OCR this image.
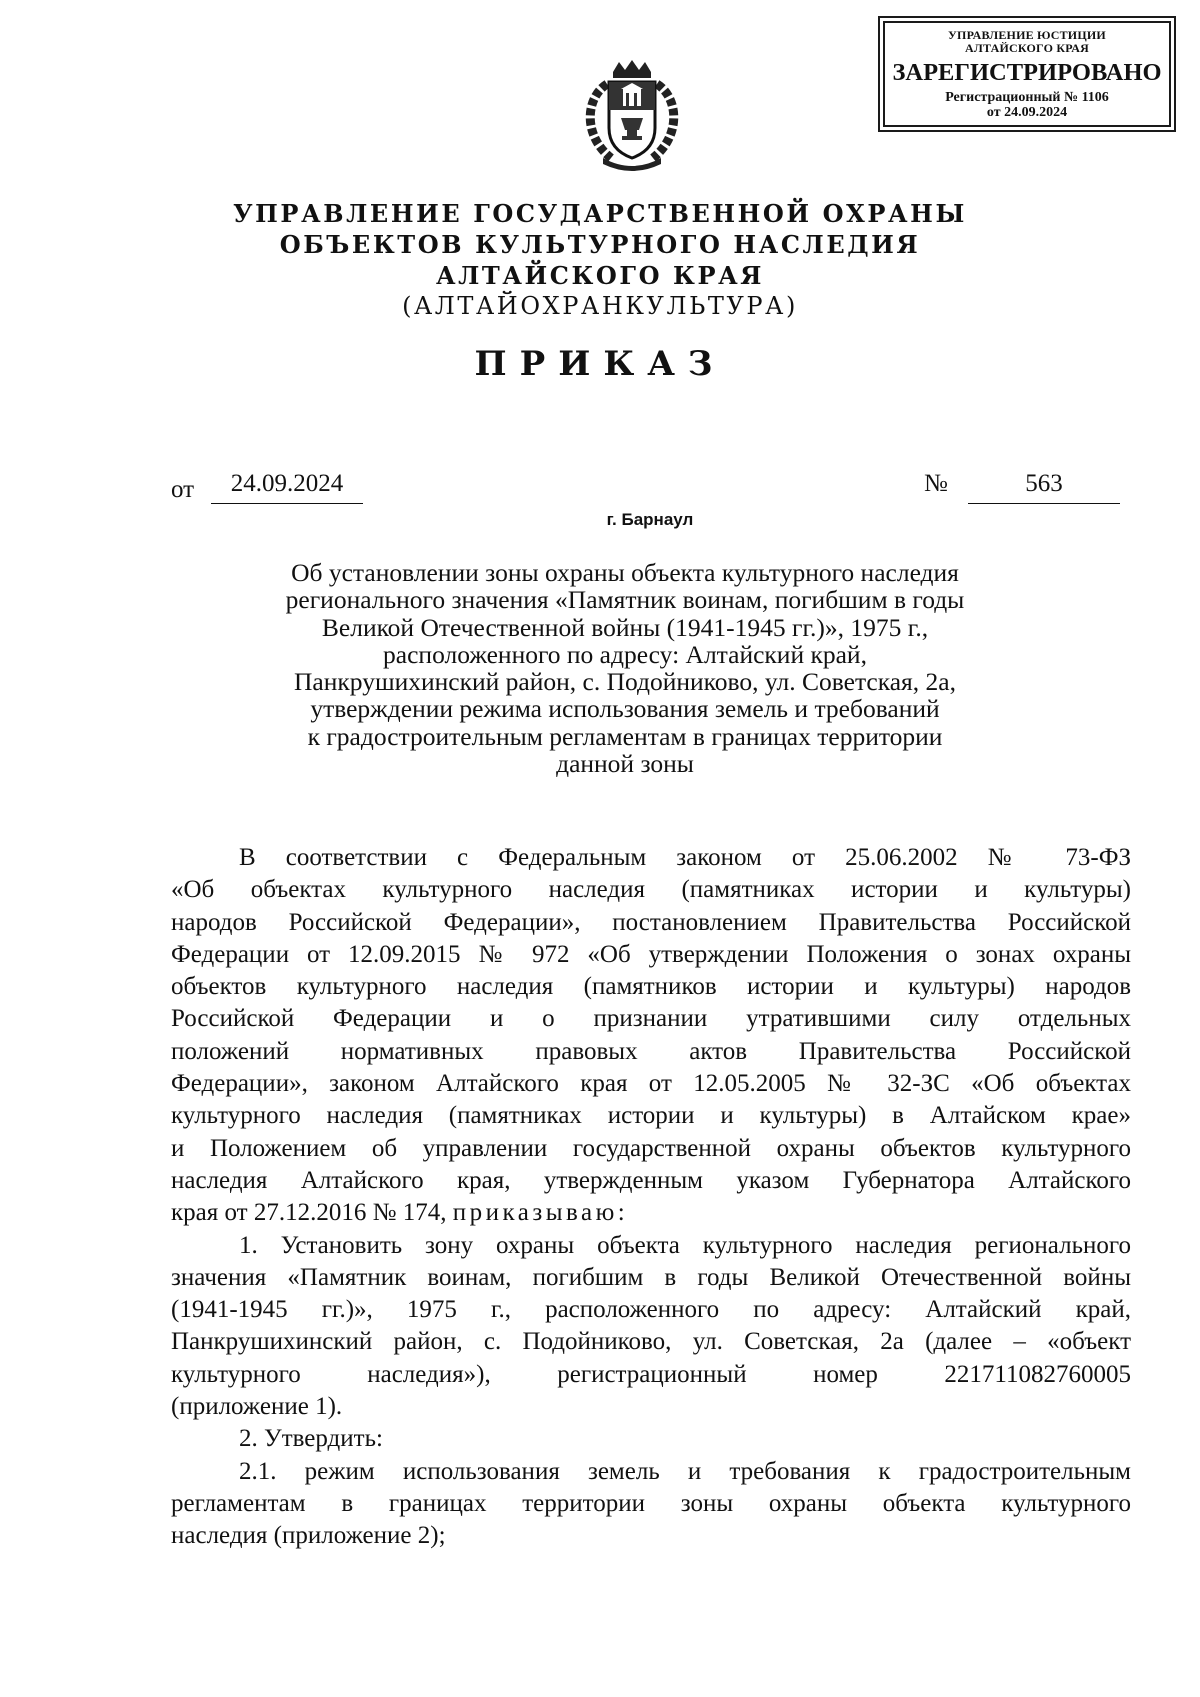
УПРАВЛЕНИЕ ЮСТИЦИИ
АЛТАЙСКОГО КРАЯ
ЗАРЕГИСТРИРОВАНО
Регистрационный № 1106
от 24.09.2024
УПРАВЛЕНИЕ ГОСУДАРСТВЕННОЙ ОХРАНЫ
ОБЪЕКТОВ КУЛЬТУРНОГО НАСЛЕДИЯ
АЛТАЙСКОГО КРАЯ
(АЛТАЙОХРАНКУЛЬТУРА)
ПРИКАЗ
от	24.09.2024	№	563
г. Барнаул
Об установлении зоны охраны объекта культурного наследия
регионального значения «Памятник воинам, погибшим в годы
Великой Отечественной войны (1941-1945 гг.)», 1975 г.,
расположенного по адресу: Алтайский край,
Панкрушихинский район, с. Подойниково, ул. Советская, 2а,
утверждении режима использования земель и требований
к градостроительным регламентам в границах территории
данной зоны
В соответствии с Федеральным законом от 25.06.2002 № 73-ФЗ
«Об объектах культурного наследия (памятниках истории и культуры)
народов Российской Федерации», постановлением Правительства Российской
Федерации от 12.09.2015 № 972 «Об утверждении Положения о зонах охраны
объектов культурного наследия (памятников истории и культуры) народов
Российской Федерации и о признании утратившими силу отдельных
положений нормативных правовых актов Правительства Российской
Федерации», законом Алтайского края от 12.05.2005 № 32-ЗС «Об объектах
культурного наследия (памятниках истории и культуры) в Алтайском крае»
и Положением об управлении государственной охраны объектов культурного
наследия Алтайского края, утвержденным указом Губернатора Алтайского
края от 27.12.2016 № 174, приказываю:
1. Установить зону охраны объекта культурного наследия регионального
значения «Памятник воинам, погибшим в годы Великой Отечественной войны
(1941-1945 гг.)», 1975 г., расположенного по адресу: Алтайский край,
Панкрушихинский район, с. Подойниково, ул. Советская, 2а (далее – «объект
культурного наследия»), регистрационный номер 221711082760005
(приложение 1).
2. Утвердить:
2.1. режим использования земель и требования к градостроительным
регламентам в границах территории зоны охраны объекта культурного
наследия (приложение 2);
